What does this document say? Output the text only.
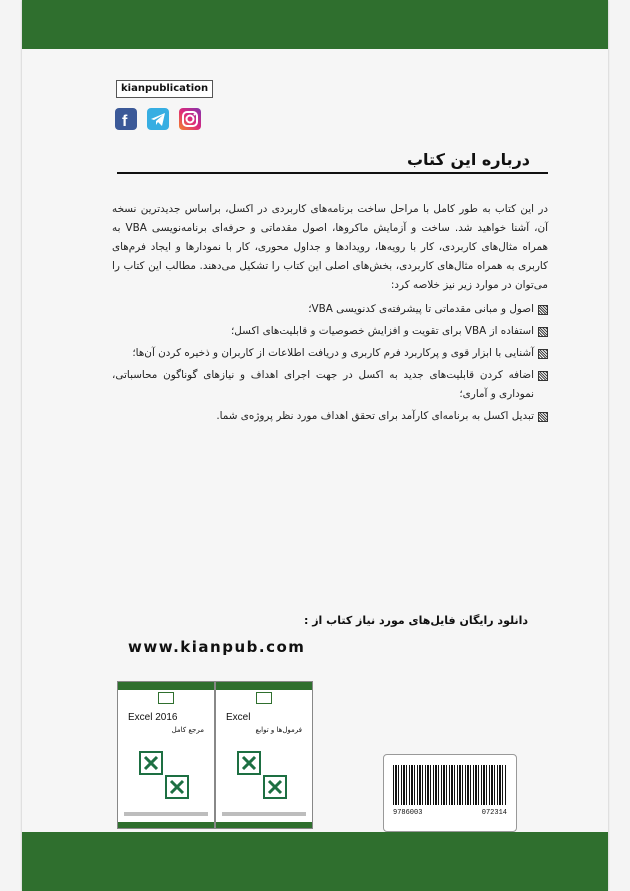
kianpublication
f
درباره این کتاب
در این کتاب به طور کامل با مراحل ساخت برنامه‌های کاربردی در اکسل، براساس جدیدترین نسخه آن، آشنا خواهید شد. ساخت و آزمایش ماکروها، اصول مقدماتی و حرفه‌ای برنامه‌نویسی VBA به همراه مثال‌های کاربردی، کار با رویه‌ها، رویدادها و جداول محوری، کار با نمودارها و ایجاد فرم‌های کاربری به همراه مثال‌های کاربردی، بخش‌های اصلی این کتاب را تشکیل می‌دهند. مطالب این کتاب را می‌توان در موارد زیر نیز خلاصه کرد:
اصول و مبانی مقدماتی تا پیشرفته‌ی کدنویسی VBA؛
استفاده از VBA برای تقویت و افزایش خصوصیات و قابلیت‌های اکسل؛
آشنایی با ابزار قوی و پرکاربرد فرم کاربری و دریافت اطلاعات از کاربران و ذخیره کردن آن‌ها؛
اضافه کردن قابلیت‌های جدید به اکسل در جهت اجرای اهداف و نیازهای گوناگون محاسباتی، نموداری و آماری؛
تبدیل اکسل به برنامه‌ای کارآمد برای تحقق اهداف مورد نظر پروژه‌ی شما.
دانلود رایگان فایل‌های مورد نیاز کتاب از :
www.kianpub.com
Excel 2016
مرجع کامل
Excel
فرمول‌ها و توابع
9786003	072314
